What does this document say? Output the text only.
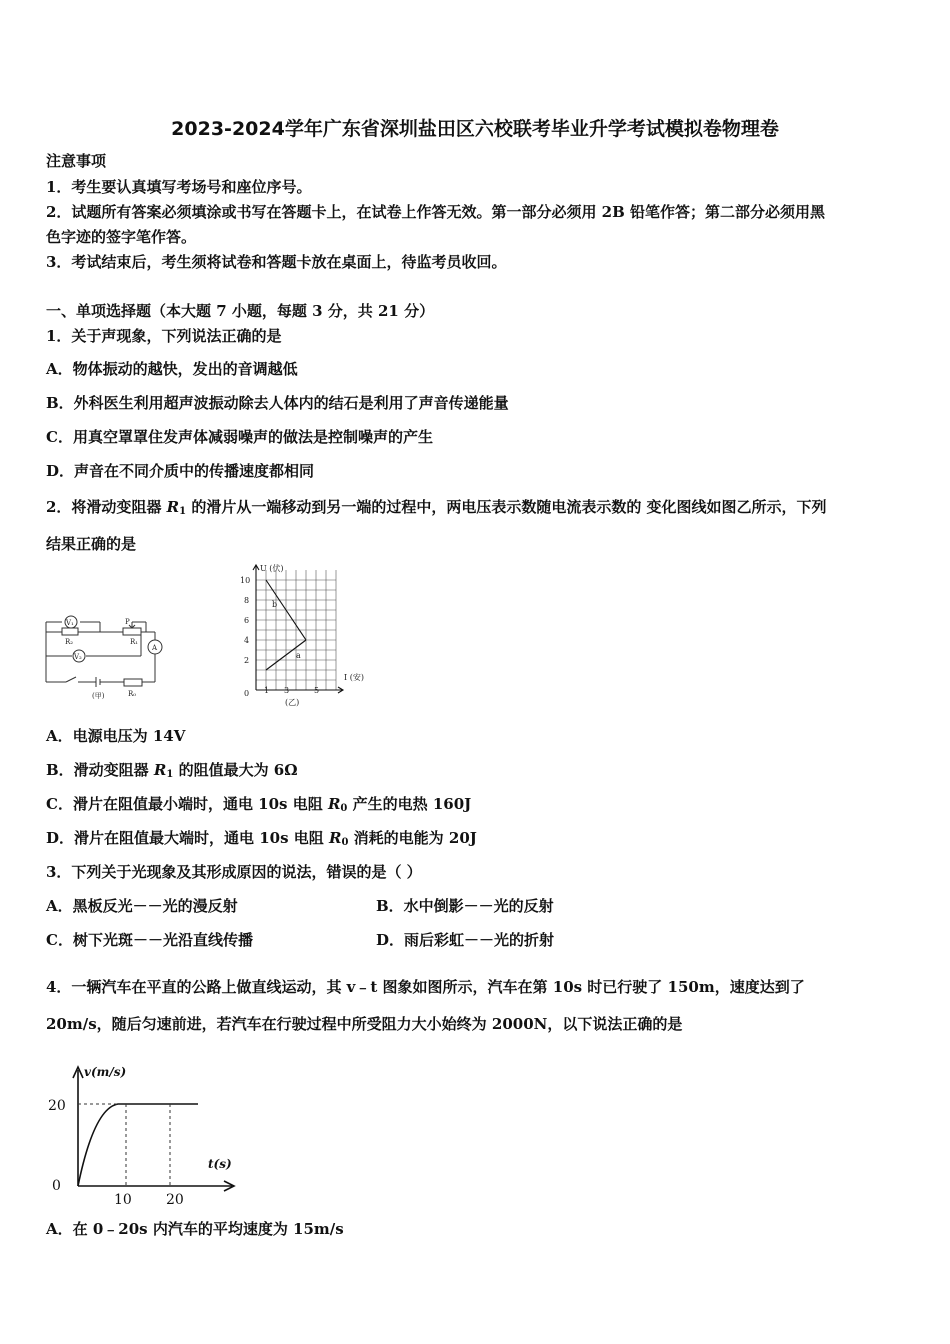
2023-2024学年广东省深圳盐田区六校联考毕业升学考试模拟卷物理卷
注意事项
1．考生要认真填写考场号和座位序号。
2．试题所有答案必须填涂或书写在答题卡上，在试卷上作答无效。第一部分必须用 2B 铅笔作答；第二部分必须用黑
色字迹的签字笔作答。
3．考试结束后，考生须将试卷和答题卡放在桌面上，待监考员收回。
一、单项选择题（本大题 7 小题，每题 3 分，共 21 分）
1．关于声现象，下列说法正确的是
A．物体振动的越快，发出的音调越低
B．外科医生利用超声波振动除去人体内的结石是利用了声音传递能量
C．用真空罩罩住发声体减弱噪声的做法是控制噪声的产生
D．声音在不同介质中的传播速度都相同
2．将滑动变阻器 $R_1$ 的滑片从一端移动到另一端的过程中，两电压表示数随电流表示数的 变化图线如图乙所示，下列
结果正确的是
V₁
V₂
R₂	R₁
P
A
R₀
(甲)
U (伏)
I (安)
10
8
6
4
2
0 1 3	5
b
a
(乙)
A．电源电压为 14V
B．滑动变阻器 $R_1$ 的阻值最大为 6Ω
C．滑片在阻值最小端时，通电 10s 电阻 $R_0$ 产生的电热 160J
D．滑片在阻值最大端时，通电 10s 电阻 $R_0$ 消耗的电能为 20J
3．下列关于光现象及其形成原因的说法，错误的是（ ）
A．黑板反光－－光的漫反射	B．水中倒影－－光的反射
C．树下光斑－－光沿直线传播	D．雨后彩虹－－光的折射
4．一辆汽车在平直的公路上做直线运动，其 v﹣t 图象如图所示，汽车在第 10s 时已行驶了 150m，速度达到了
20m/s，随后匀速前进，若汽车在行驶过程中所受阻力大小始终为 2000N，以下说法正确的是
v(m/s)
t(s)
20
0
10 20
A．在 0﹣20s 内汽车的平均速度为 15m/s
